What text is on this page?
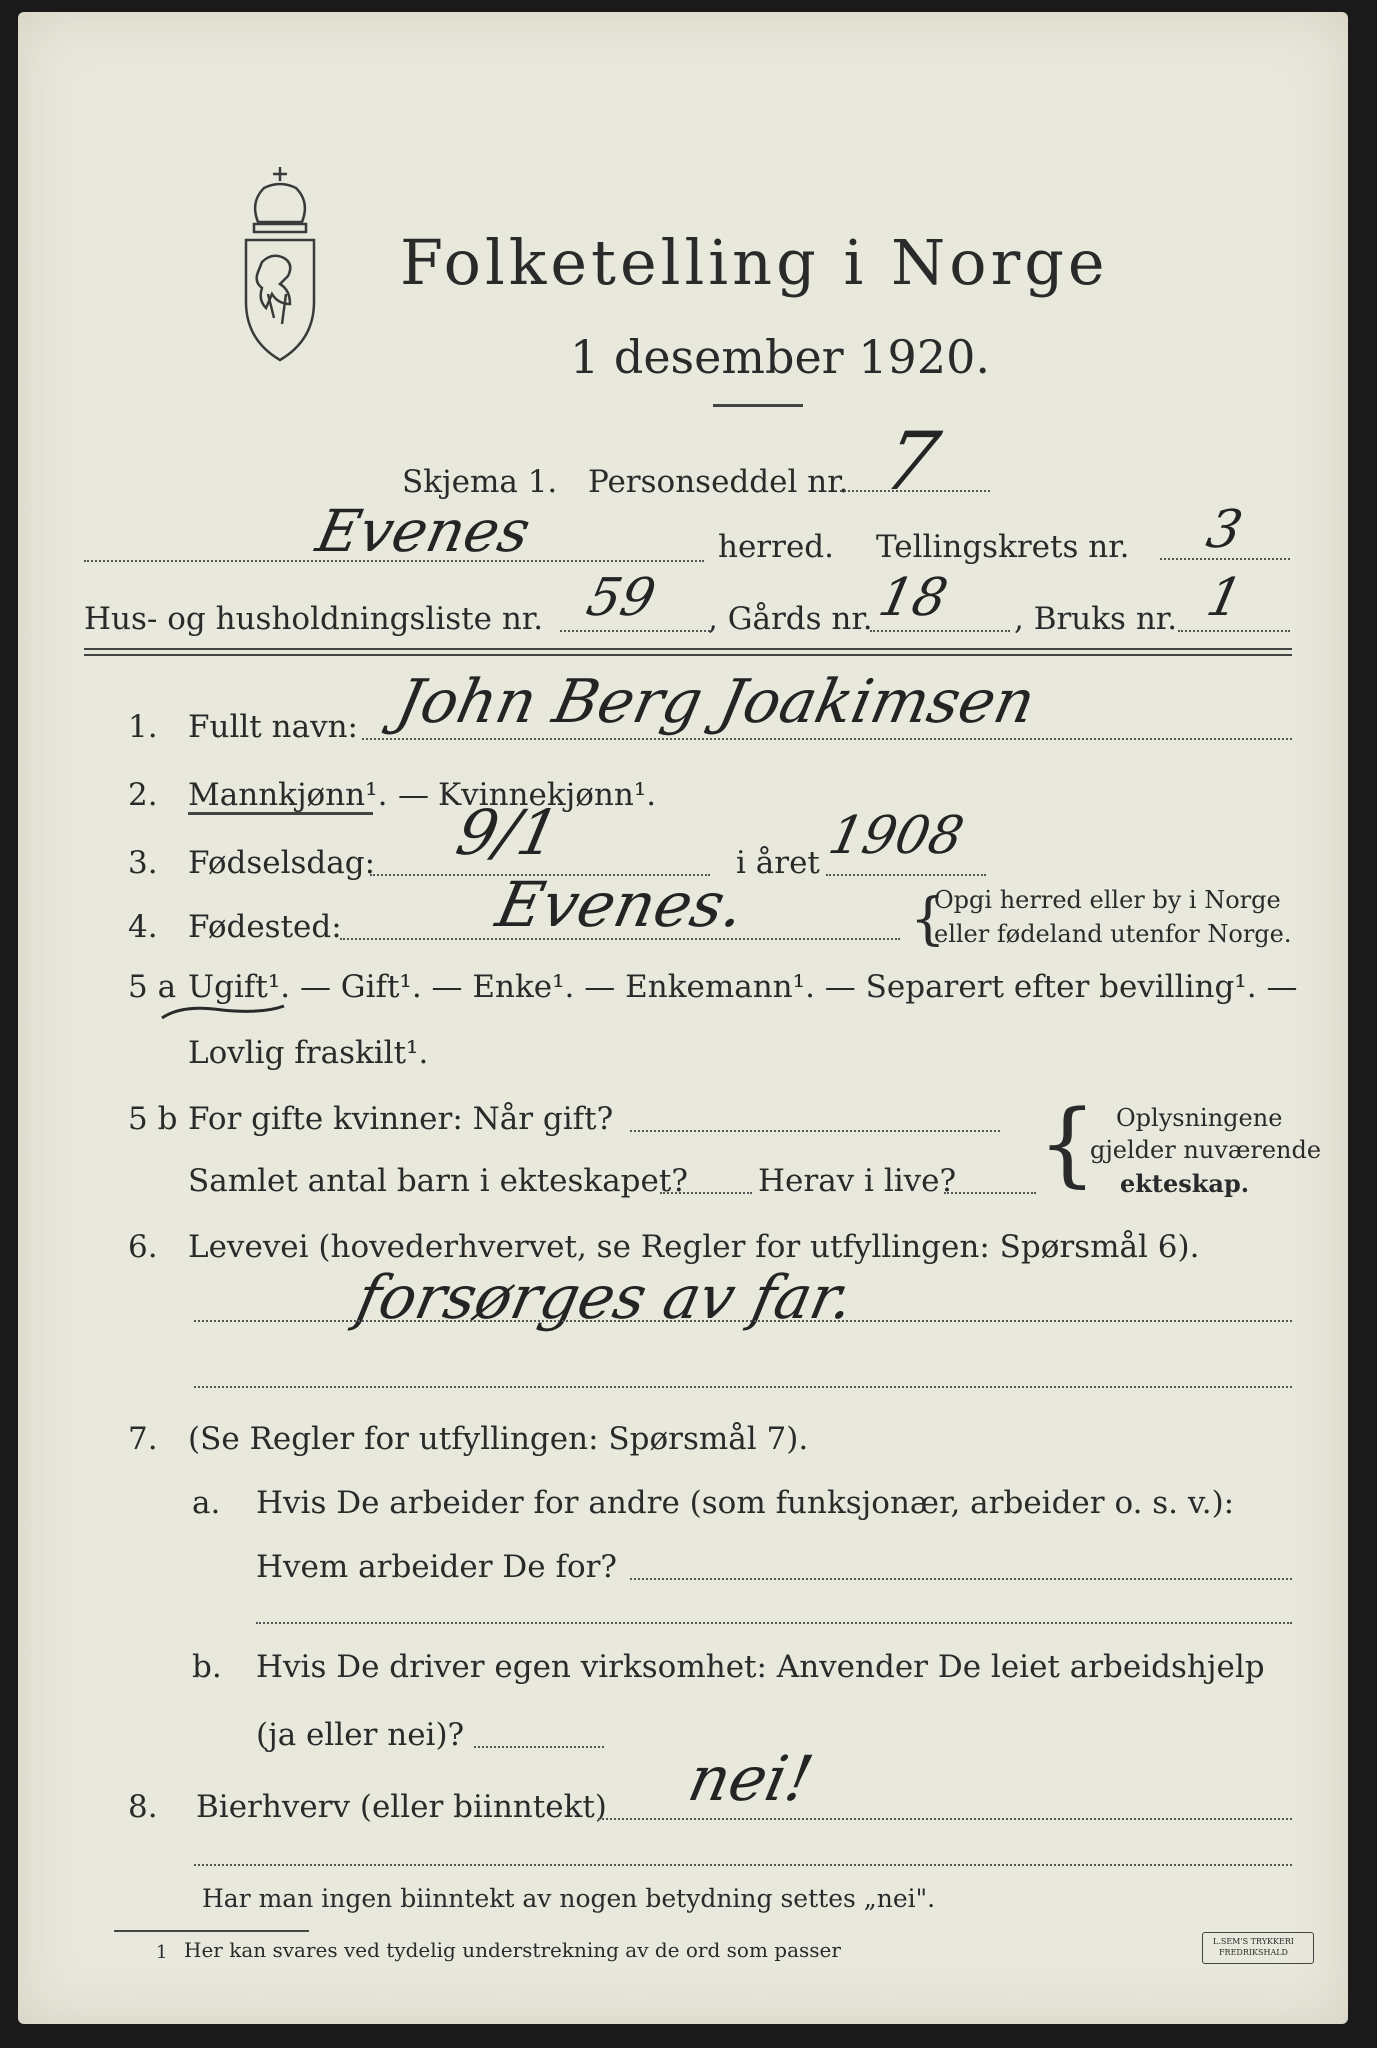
Folketelling i Norge
1 desember 1920.
Skjema 1. Personseddel nr. 7
Evenes	herred. Tellingskrets nr. 3
Hus- og husholdningsliste nr. 59 , Gårds nr. 18 , Bruks nr. 1
1. Fullt navn: John Berg Joakimsen
2. Mannkjønn¹. — Kvinnekjønn¹.
3. Fødselsdag: 9/1	i året 1908
4. Fødested: Evenes.	{
Opgi herred eller by i Norge
eller fødeland utenfor Norge.
5 a Ugift¹. — Gift¹. — Enke¹. — Enkemann¹. — Separert efter bevilling¹. —
Lovlig fraskilt¹.
5 b For gifte kvinner: Når gift?
Samlet antal barn i ekteskapet? Herav i live? { Oplysningene
gjelder nuværende
ekteskap.
6. Levevei (hovederhvervet, se Regler for utfyllingen: Spørsmål 6).
forsørges av far.
7. (Se Regler for utfyllingen: Spørsmål 7).
a. Hvis De arbeider for andre (som funksjonær, arbeider o. s. v.):
Hvem arbeider De for?
b. Hvis De driver egen virksomhet: Anvender De leiet arbeidshjelp
(ja eller nei)?
8. Bierhverv (eller biinntekt) nei!
Har man ingen biinntekt av nogen betydning settes „nei".
1 Her kan svares ved tydelig understrekning av de ord som passer	L.SEM'S TRYKKERI
FREDRIKSHALD
